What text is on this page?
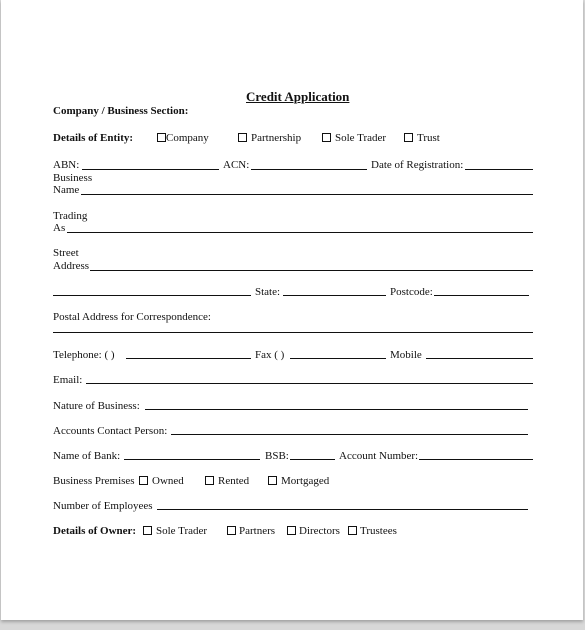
Credit Application
Company / Business Section:
Details of Entity:	Company	Partnership	Sole Trader	Trust
ABN:	ACN:	Date of Registration:
Business
Name
Trading
As
Street
Address
State:	Postcode:
Postal Address for Correspondence:
Telephone: ( )	Fax ( )	Mobile
Email:
Nature of Business:
Accounts Contact Person:
Name of Bank:	BSB:	Account Number:
Business Premises Owned	Rented	Mortgaged
Number of Employees
Details of Owner: Sole Trader	Partners Directors Trustees
